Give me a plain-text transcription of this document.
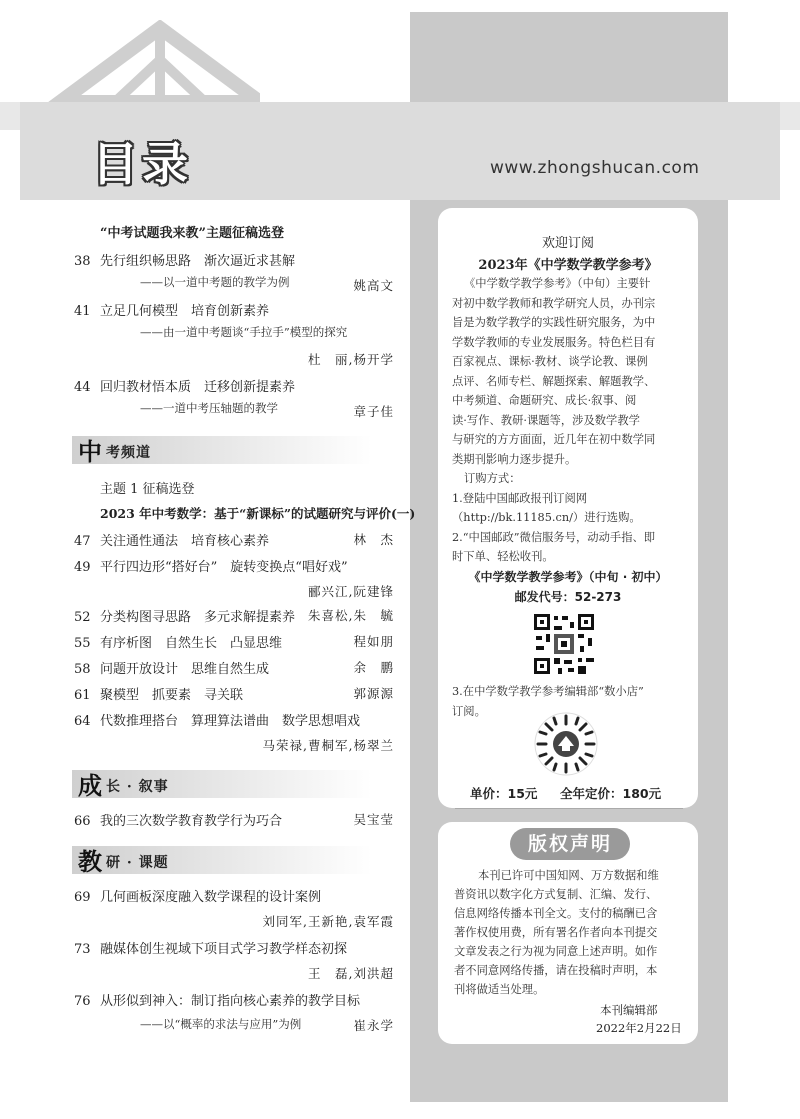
目录	www.zhongshucan.com
“中考试题我来教”主题征稿选登
38 先行组织畅思路　渐次逼近求甚解
——以一道中考题的教学为例	姚高文
41 立足几何模型　培育创新素养
——由一道中考题谈“手拉手”模型的探究
杜　丽,杨开学
44 回归教材悟本质　迁移创新提素养
——一道中考压轴题的教学	章子佳
中 考频道
主题 1 征稿选登
2023 年中考数学：基于“新课标”的试题研究与评价(一)
47 关注通性通法　培育核心素养	林　杰
49 平行四边形“搭好台”　旋转变换点“唱好戏”
郦兴江,阮建锋
52 分类构图寻思路　多元求解提素养 朱喜松,朱　毓
55 有序析图　自然生长　凸显思维	程如朋
58 问题开放设计　思维自然生成	余　鹏
61 聚模型　抓要素　寻关联	郭源源
64 代数推理搭台　算理算法谱曲　数学思想唱戏
马荣禄,曹桐军,杨翠兰
成 长 · 叙事
66 我的三次数学教育教学行为巧合	吴宝莹
教 研 · 课题
69 几何画板深度融入数学课程的设计案例
刘同军,王新艳,袁军霞
73 融媒体创生视域下项目式学习教学样态初探
王　磊,刘洪超
76 从形似到神入：制订指向核心素养的教学目标
——以“概率的求法与应用”为例	崔永学
欢迎订阅
2023年《中学数学教学参考》
《中学数学教学参考》（中旬）主要针
对初中数学教师和教学研究人员，办刊宗
旨是为数学教学的实践性研究服务，为中
学数学教师的专业发展服务。特色栏目有
百家视点、课标·教材、谈学论教、课例
点评、名师专栏、解题探索、解题教学、
中考频道、命题研究、成长·叙事、阅
读·写作、教研·课题等，涉及数学教学
与研究的方方面面，近几年在初中数学同
类期刊影响力逐步提升。
订购方式：
1.登陆中国邮政报刊订阅网
（http://bk.11185.cn/）进行选购。
2.“中国邮政”微信服务号，动动手指、即
时下单、轻松收刊。
《中学数学教学参考》（中旬 · 初中）
邮发代号：52-273
3.在中学数学教学参考编辑部“数小店”
订阅。
单价：15元 全年定价：180元
版权声明
本刊已许可中国知网、万方数据和维
普资讯以数字化方式复制、汇编、发行、
信息网络传播本刊全文。支付的稿酬已含
著作权使用费，所有署名作者向本刊提交
文章发表之行为视为同意上述声明。如作
者不同意网络传播，请在投稿时声明，本
刊将做适当处理。
本刊编辑部
2022年2月22日
